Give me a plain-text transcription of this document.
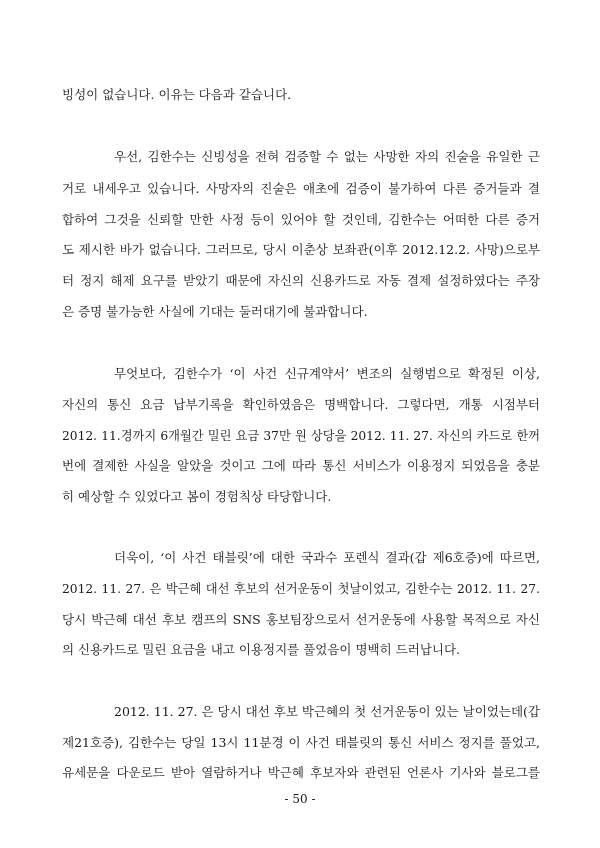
빙성이 없습니다. 이유는 다음과 같습니다.
우선, 김한수는 신빙성을 전혀 검증할 수 없는 사망한 자의 진술을 유일한 근
거로 내세우고 있습니다. 사망자의 진술은 애초에 검증이 불가하여 다른 증거들과 결
합하여 그것을 신뢰할 만한 사정 등이 있어야 할 것인데, 김한수는 어떠한 다른 증거
도 제시한 바가 없습니다. 그러므로, 당시 이춘상 보좌관(이후 2012.12.2. 사망)으로부
터 정지 해제 요구를 받았기 때문에 자신의 신용카드로 자동 결제 설정하였다는 주장
은 증명 불가능한 사실에 기대는 둘러대기에 불과합니다.
무엇보다, 김한수가 ‘이 사건 신규계약서’ 변조의 실행범으로 확정된 이상,
자신의 통신 요금 납부기록을 확인하였음은 명백합니다. 그렇다면, 개통 시점부터
2012. 11.경까지 6개월간 밀린 요금 37만 원 상당을 2012. 11. 27. 자신의 카드로 한꺼
번에 결제한 사실을 알았을 것이고 그에 따라 통신 서비스가 이용정지 되었음을 충분
히 예상할 수 있었다고 봄이 경험칙상 타당합니다.
더욱이, ‘이 사건 태블릿’에 대한 국과수 포렌식 결과(갑 제6호증)에 따르면,
2012. 11. 27. 은 박근혜 대선 후보의 선거운동이 첫날이었고, 김한수는 2012. 11. 27.
당시 박근혜 대선 후보 캠프의 SNS 홍보팀장으로서 선거운동에 사용할 목적으로 자신
의 신용카드로 밀린 요금을 내고 이용정지를 풀었음이 명백히 드러납니다.
2012. 11. 27. 은 당시 대선 후보 박근혜의 첫 선거운동이 있는 날이었는데(갑
제21호증), 김한수는 당일 13시 11분경 이 사건 태블릿의 통신 서비스 정지를 풀었고,
유세문을 다운로드 받아 열람하거나 박근혜 후보자와 관련된 언론사 기사와 블로그를
- 50 -
